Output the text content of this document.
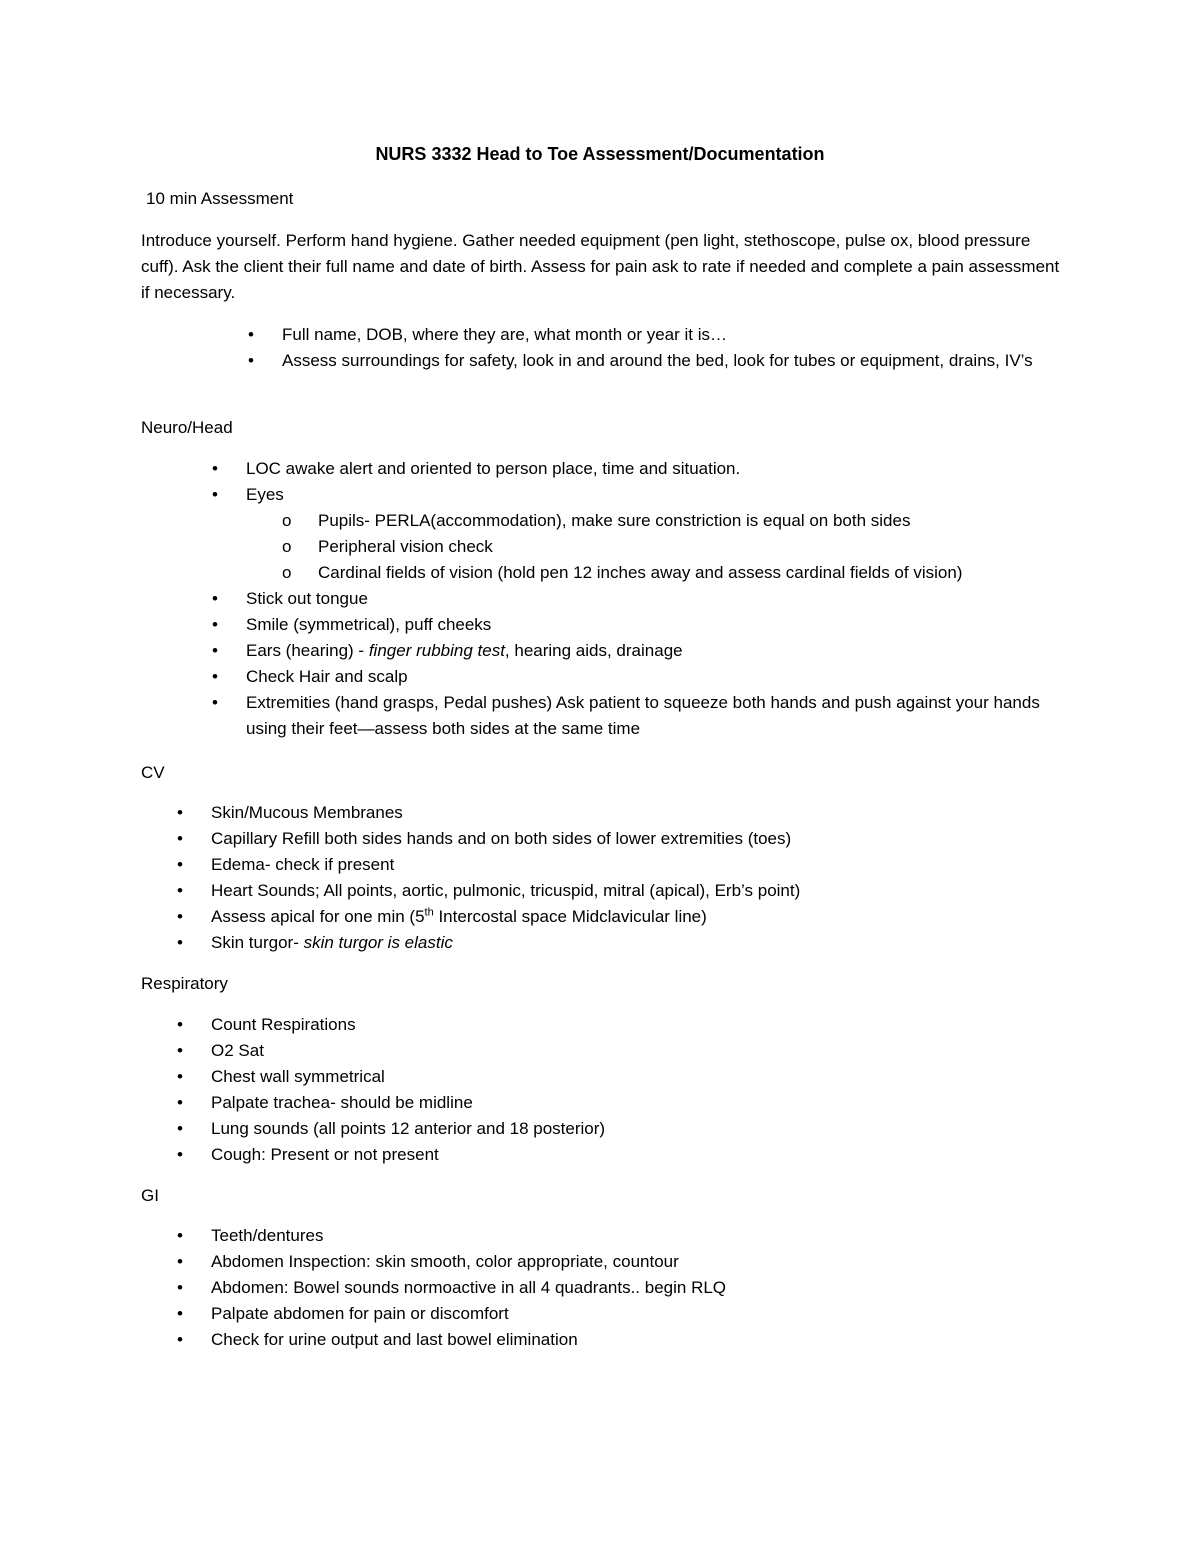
NURS 3332 Head to Toe Assessment/Documentation
10 min Assessment
Introduce yourself. Perform hand hygiene. Gather needed equipment (pen light, stethoscope, pulse ox, blood pressure cuff). Ask the client their full name and date of birth. Assess for pain ask to rate if needed and complete a pain assessment if necessary.
•	Full name, DOB, where they are, what month or year it is…
•	Assess surroundings for safety, look in and around the bed, look for tubes or equipment, drains, IV’s
Neuro/Head
•	LOC awake alert and oriented to person place, time and situation.
•	Eyes
o Pupils- PERLA(accommodation), make sure constriction is equal on both sides
o Peripheral vision check
o Cardinal fields of vision (hold pen 12 inches away and assess cardinal fields of vision)
•	Stick out tongue
•	Smile (symmetrical), puff cheeks
•	Ears (hearing) - finger rubbing test, hearing aids, drainage
•	Check Hair and scalp
•	Extremities (hand grasps, Pedal pushes) Ask patient to squeeze both hands and push against your hands using their feet—assess both sides at the same time
CV
•	Skin/Mucous Membranes
•	Capillary Refill both sides hands and on both sides of lower extremities (toes)
•	Edema- check if present
•	Heart Sounds; All points, aortic, pulmonic, tricuspid, mitral (apical), Erb’s point)
•	Assess apical for one min (5th Intercostal space Midclavicular line)
•	Skin turgor- skin turgor is elastic
Respiratory
•	Count Respirations
•	O2 Sat
•	Chest wall symmetrical
•	Palpate trachea- should be midline
•	Lung sounds (all points 12 anterior and 18 posterior)
•	Cough: Present or not present
GI
•	Teeth/dentures
•	Abdomen Inspection: skin smooth, color appropriate, countour
•	Abdomen: Bowel sounds normoactive in all 4 quadrants.. begin RLQ
•	Palpate abdomen for pain or discomfort
•	Check for urine output and last bowel elimination
